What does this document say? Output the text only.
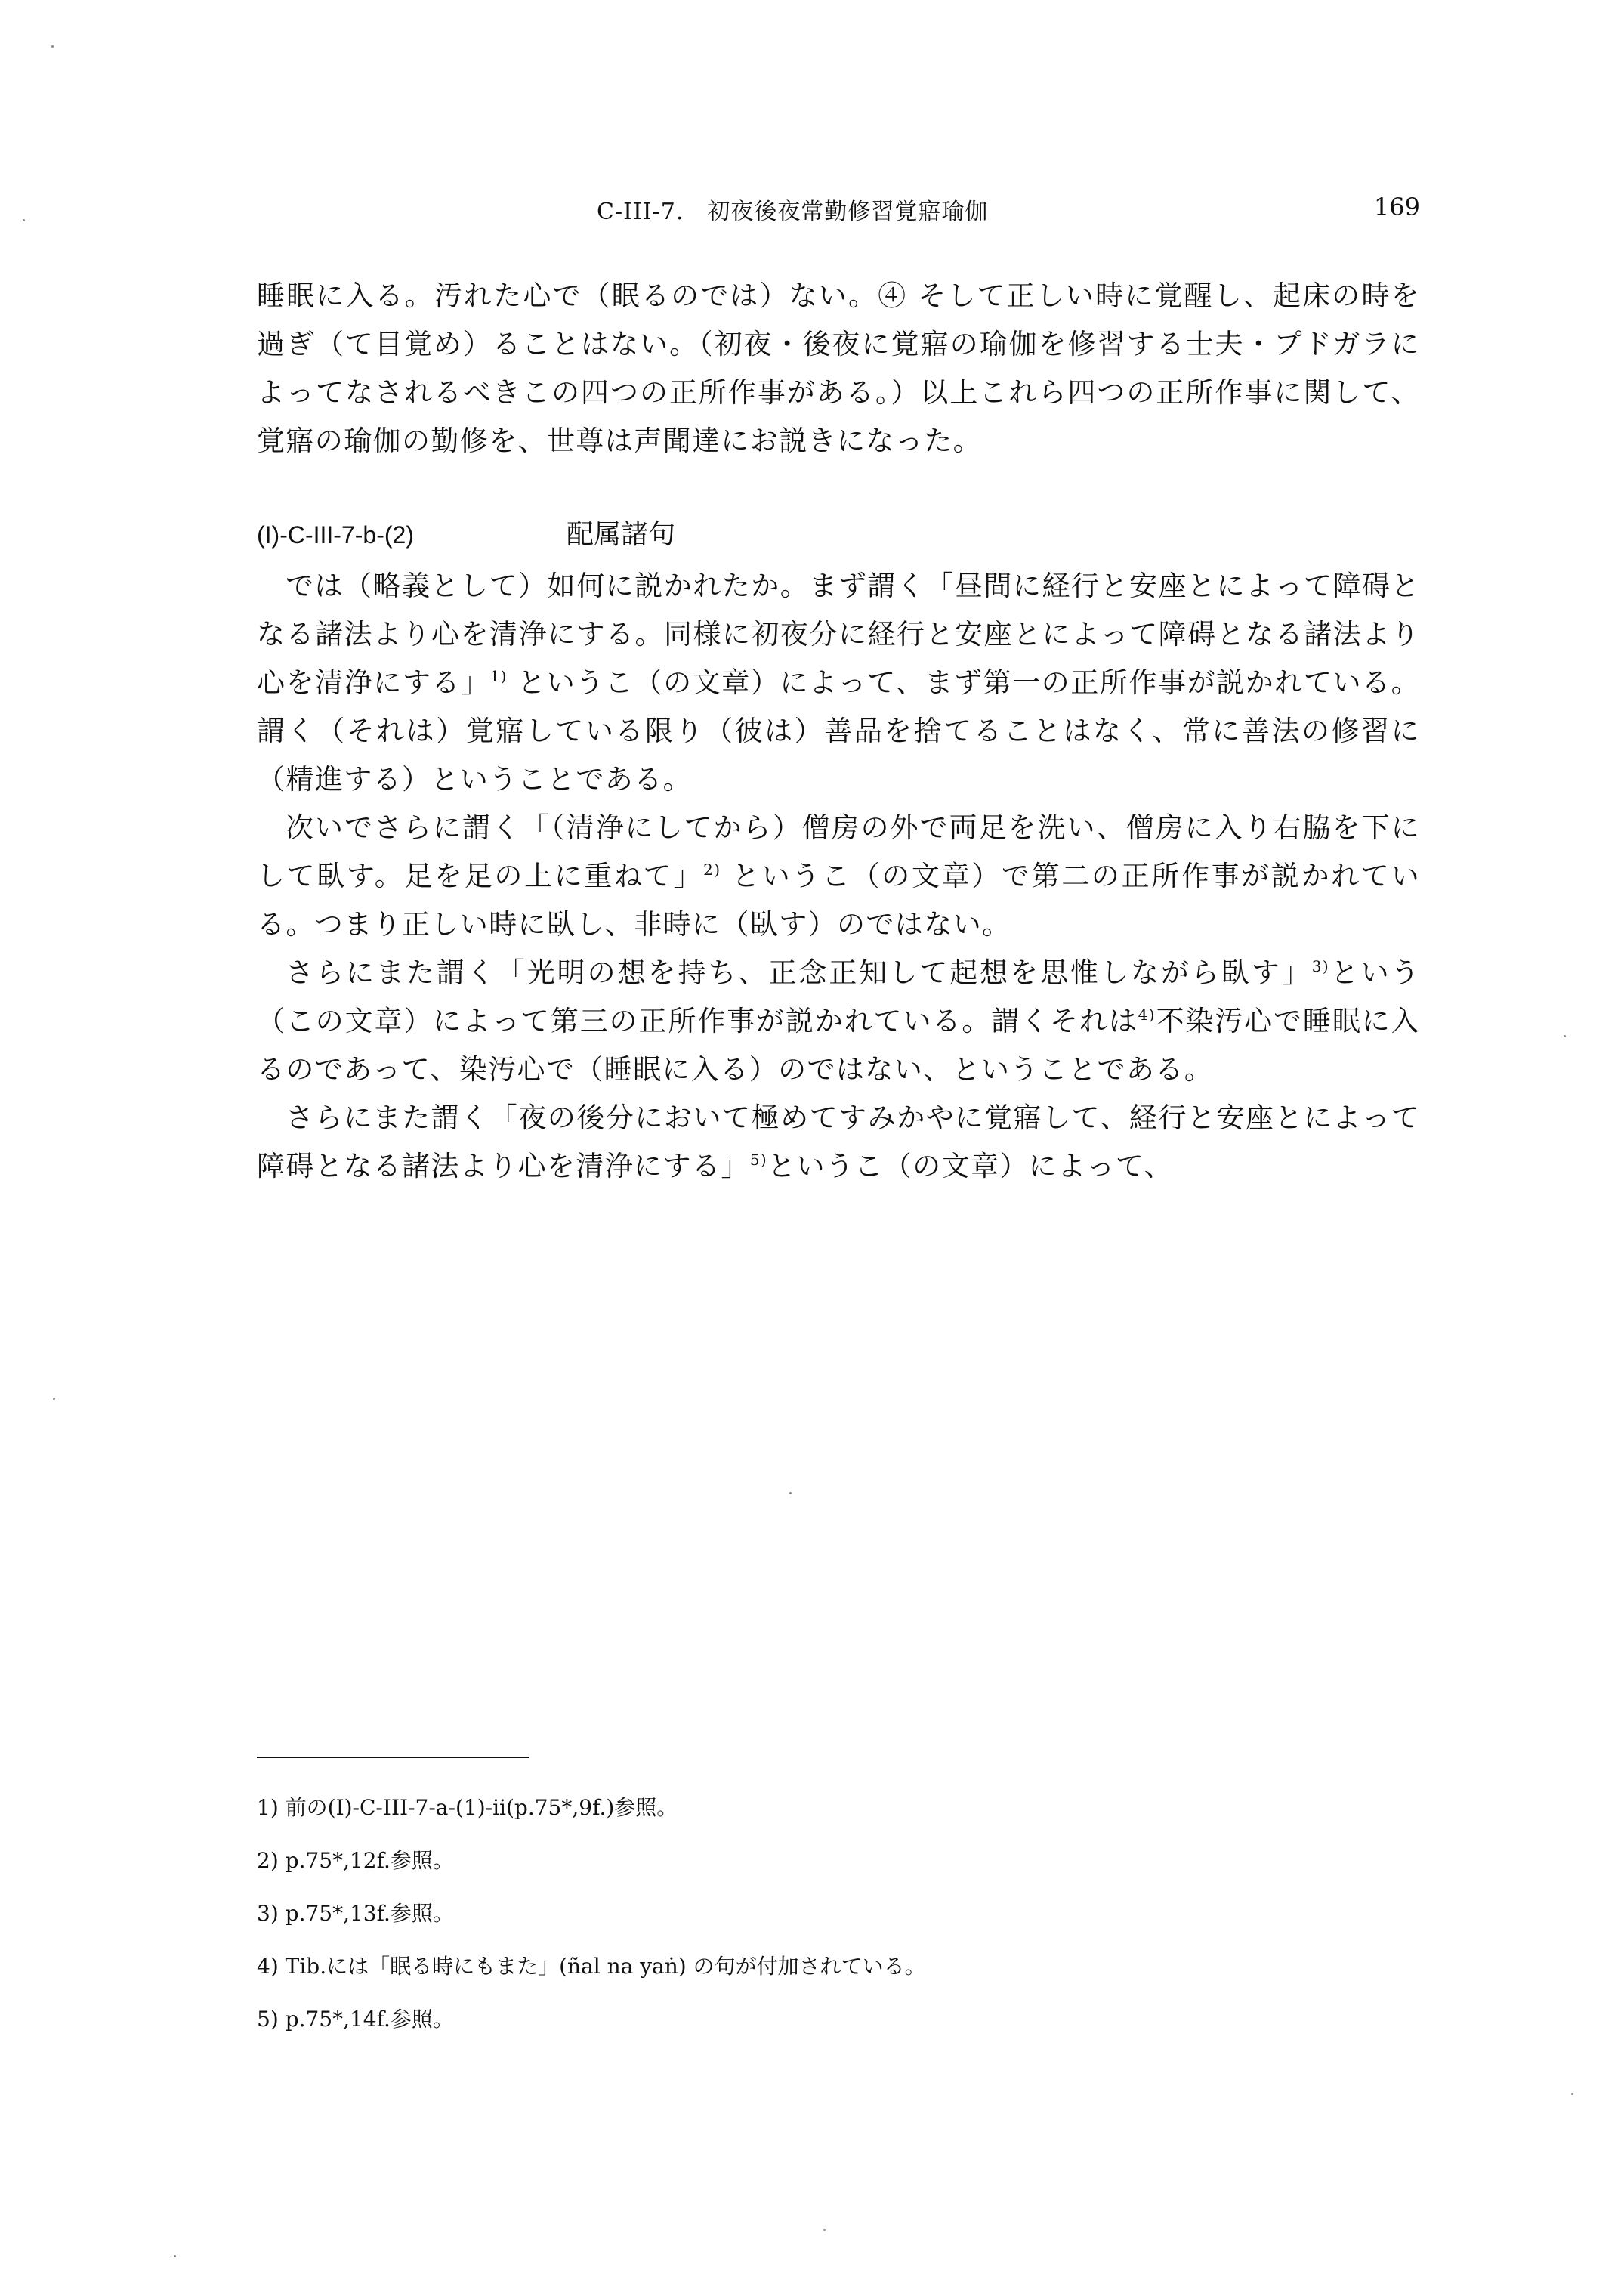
C-III-7.　初夜後夜常勤修習覚寤瑜伽	169

睡眠に入る。汚れた心で（眠るのでは）ない。④ そして正しい時に覚醒し、起床の時を過ぎ（て目覚め）ることはない。（初夜・後夜に覚寤の瑜伽を修習する士夫・プドガラによってなされるべきこの四つの正所作事がある。）以上これら四つの正所作事に関して、覚寤の瑜伽の勤修を、世尊は声聞達にお説きになった。

(I)-C-III-7-b-(2)	配属諸句

では（略義として）如何に説かれたか。まず謂く「昼間に経行と安座とによって障碍となる諸法より心を清浄にする。同様に初夜分に経行と安座とによって障碍となる諸法より心を清浄にする」$^{1)}$ というこ（の文章）によって、まず第一の正所作事が説かれている。謂く（それは）覚寤している限り（彼は）善品を捨てることはなく、常に善法の修習に（精進する）ということである。

次いでさらに謂く「（清浄にしてから）僧房の外で両足を洗い、僧房に入り右脇を下にして臥す。足を足の上に重ねて」$^{2)}$ というこ（の文章）で第二の正所作事が説かれている。つまり正しい時に臥し、非時に（臥す）のではない。

さらにまた謂く「光明の想を持ち、正念正知して起想を思惟しながら臥す」$^{3)}$という（この文章）によって第三の正所作事が説かれている。謂くそれは$^{4)}$不染汚心で睡眠に入るのであって、染汚心で（睡眠に入る）のではない、ということである。

さらにまた謂く「夜の後分において極めてすみかやに覚寤して、経行と安座とによって障碍となる諸法より心を清浄にする」$^{5)}$というこ（の文章）によって、

1) 前の(I)-C-III-7-a-(1)-ii(p.75*,9f.)参照。

2) p.75*,12f.参照。

3) p.75*,13f.参照。

4) Tib.には「眠る時にもまた」(ñal na yaṅ) の句が付加されている。

5) p.75*,14f.参照。
